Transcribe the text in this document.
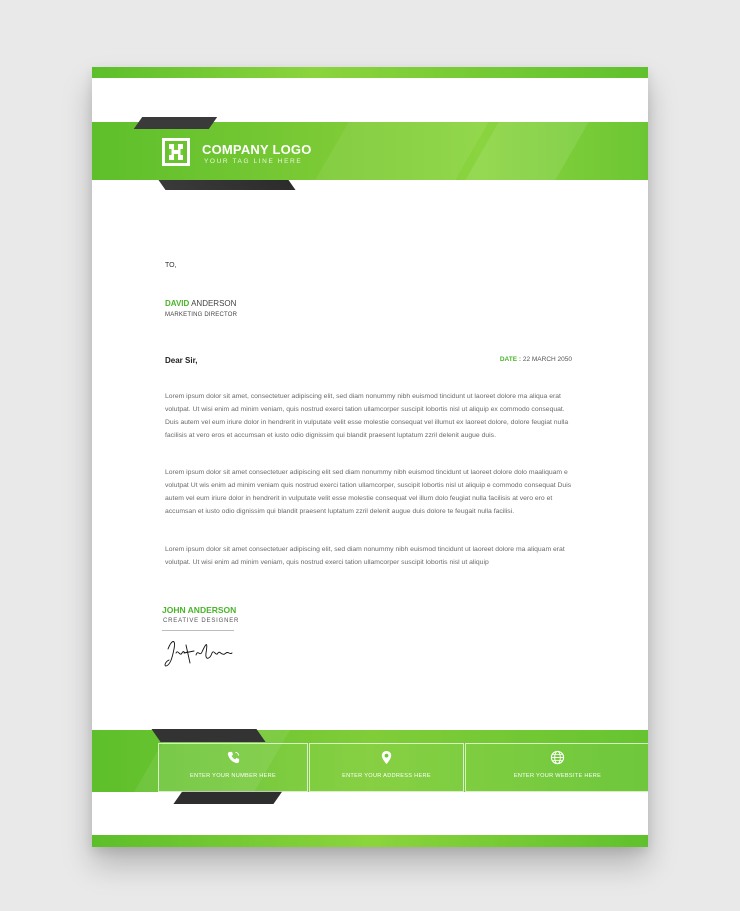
COMPANY LOGO
YOUR TAG LINE HERE
TO,
DAVID ANDERSON
MARKETING DIRECTOR
Dear Sir,	DATE : 22 MARCH 2050
Lorem ipsum dolor sit amet, consectetuer adipiscing elit, sed diam nonummy nibh euismod tincidunt ut laoreet dolore ma aliqua erat volutpat. Ut wisi enim ad minim veniam, quis nostrud exerci tation ullamcorper suscipit lobortis nisl ut aliquip ex commodo consequat. Duis autem vel eum iriure dolor in hendrerit in vulputate velit esse molestie consequat vel illumut ex laoreet dolore, dolore feugiat nulla facilisis at vero eros et accumsan et iusto odio dignissim qui blandit praesent luptatum zzril delenit augue duis.
Lorem ipsum dolor sit amet consectetuer adipiscing elit sed diam nonummy nibh euismod tincidunt ut laoreet dolore dolo maaliquam e volutpat Ut wis enim ad minim veniam quis nostrud exerci tation ullamcorper, suscipit lobortis nisl ut aliquip e commodo consequat Duis autem vel eum iriure dolor in hendrerit in vulputate velit esse molestie consequat vel illum dolo feugiat nulla facilisis at vero ero et accumsan et iusto odio dignissim qui blandit praesent luptatum zzril delenit augue duis dolore te feugait nulla facilisi.
Lorem ipsum dolor sit amet consectetuer adipiscing elit, sed diam nonummy nibh euismod tincidunt ut laoreet dolore ma aliquam erat volutpat. Ut wisi enim ad minim veniam, quis nostrud exerci tation ullamcorper suscipit lobortis nisl ut aliquip
JOHN ANDERSON
CREATIVE DESIGNER
ENTER YOUR NUMBER HERE	ENTER YOUR ADDRESS HERE	ENTER YOUR WEBSITE HERE
